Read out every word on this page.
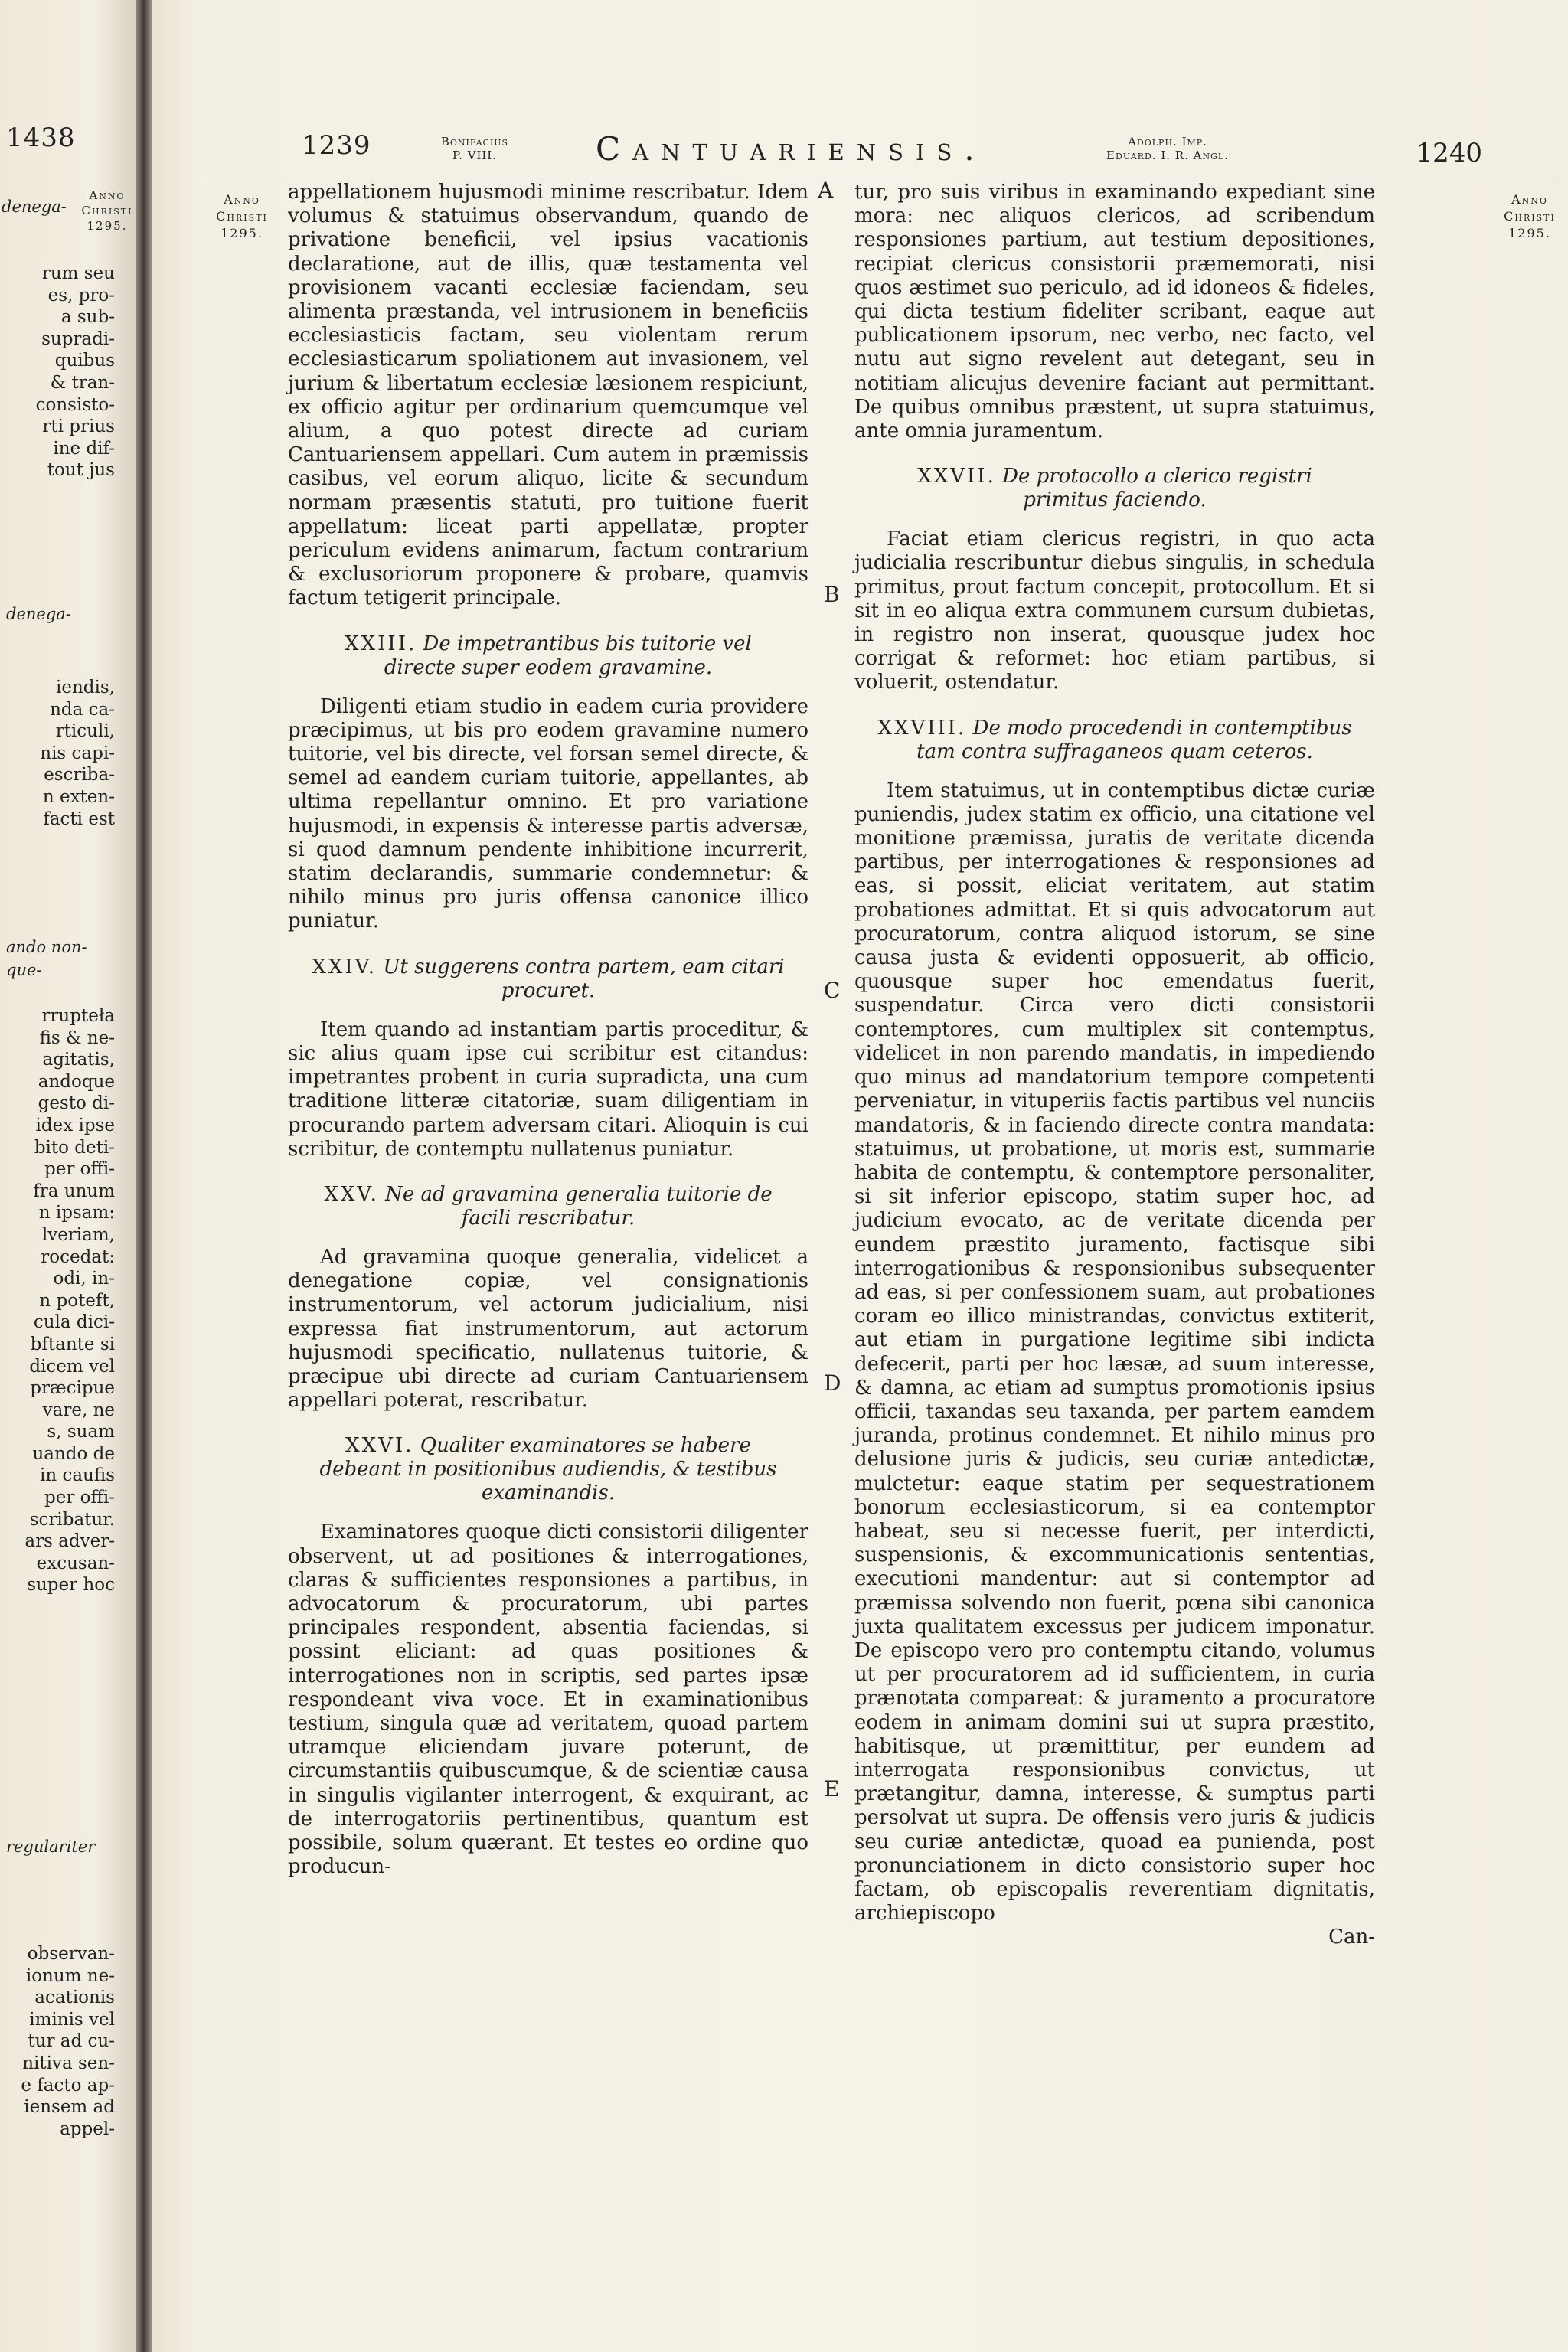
1438
Anno
Christi
1295.
denega-
rum seu
es, pro-
a sub-
supradi-
quibus
& tran-
consisto-
rti prius
ine dif-
tout jus
denega-
iendis,
nda ca-
rticuli,
nis capi-
escriba-
n exten-
facti est
ando non-
que-
rrupteła
fis & ne-
agitatis,
andoque
gesto di-
idex ipse
bito deti-
per offi-
fra unum
n ipsam:
lveriam,
rocedat:
odi, in-
n poteft,
cula dici-
bftante si
dicem vel
præcipue
vare, ne
s, suam
uando de
in caufis
per offi-
scribatur.
ars adver-
excusan-
super hoc
regulariter
observan-
ionum ne-
acationis
iminis vel
tur ad cu-
nitiva sen-
e facto ap-
iensem ad
appel-
1239	Bonifacius
P. VIII.	Cantuariensis.	Adolph. Imp.
Eduard. I. R. Angl.	1240
Anno
Christi
1295.
Anno
Christi
1295.
A
B
C
D
E

appellationem hujusmodi minime rescribatur. Idem volumus & statuimus observandum, quando de privatione beneficii, vel ipsius vacationis declaratione, aut de illis, quæ testamenta vel provisionem vacanti ecclesiæ faciendam, seu alimenta præstanda, vel intrusionem in beneficiis ecclesiasticis factam, seu violentam rerum ecclesiasticarum spoliationem aut invasionem, vel jurium & libertatum ecclesiæ læsionem respiciunt, ex officio agitur per ordinarium quemcumque vel alium, a quo potest directe ad curiam Cantuariensem appellari. Cum autem in præmissis casibus, vel eorum aliquo, licite & secundum normam præsentis statuti, pro tuitione fuerit appellatum: liceat parti appellatæ, propter periculum evidens animarum, factum contrarium & exclusoriorum proponere & probare, quamvis factum tetigerit principale.

XXIII. De impetrantibus bis tuitorie vel directe super eodem gravamine.

Diligenti etiam studio in eadem curia providere præcipimus, ut bis pro eodem gravamine numero tuitorie, vel bis directe, vel forsan semel directe, & semel ad eandem curiam tuitorie, appellantes, ab ultima repellantur omnino. Et pro variatione hujusmodi, in expensis & interesse partis adversæ, si quod damnum pendente inhibitione incurrerit, statim declarandis, summarie condemnetur: & nihilo minus pro juris offensa canonice illico puniatur.

XXIV. Ut suggerens contra partem, eam citari procuret.

Item quando ad instantiam partis proceditur, & sic alius quam ipse cui scribitur est citandus: impetrantes probent in curia supradicta, una cum traditione litteræ citatoriæ, suam diligentiam in procurando partem adversam citari. Alioquin is cui scribitur, de contemptu nullatenus puniatur.

XXV. Ne ad gravamina generalia tuitorie de facili rescribatur.

Ad gravamina quoque generalia, videlicet a denegatione copiæ, vel consignationis instrumentorum, vel actorum judicialium, nisi expressa fiat instrumentorum, aut actorum hujusmodi specificatio, nullatenus tuitorie, & præcipue ubi directe ad curiam Cantuariensem appellari poterat, rescribatur.

XXVI. Qualiter examinatores se habere debeant in positionibus audiendis, & testibus examinandis.

Examinatores quoque dicti consistorii diligenter observent, ut ad positiones & interrogationes, claras & sufficientes responsiones a partibus, in advocatorum & procuratorum, ubi partes principales respondent, absentia faciendas, si possint eliciant: ad quas positiones & interrogationes non in scriptis, sed partes ipsæ respondeant viva voce. Et in examinationibus testium, singula quæ ad veritatem, quoad partem utramque eliciendam juvare poterunt, de circumstantiis quibuscumque, & de scientiæ causa in singulis vigilanter interrogent, & exquirant, ac de interrogatoriis pertinentibus, quantum est possibile, solum quærant. Et testes eo ordine quo producun-

tur, pro suis viribus in examinando expediant sine mora: nec aliquos clericos, ad scribendum responsiones partium, aut testium depositiones, recipiat clericus consistorii præmemorati, nisi quos æstimet suo periculo, ad id idoneos & fideles, qui dicta testium fideliter scribant, eaque aut publicationem ipsorum, nec verbo, nec facto, vel nutu aut signo revelent aut detegant, seu in notitiam alicujus devenire faciant aut permittant. De quibus omnibus præstent, ut supra statuimus, ante omnia juramentum.

XXVII. De protocollo a clerico registri primitus faciendo.

Faciat etiam clericus registri, in quo acta judicialia rescribuntur diebus singulis, in schedula primitus, prout factum concepit, protocollum. Et si sit in eo aliqua extra communem cursum dubietas, in registro non inserat, quousque judex hoc corrigat & reformet: hoc etiam partibus, si voluerit, ostendatur.

XXVIII. De modo procedendi in contemptibus tam contra suffraganeos quam ceteros.

Item statuimus, ut in contemptibus dictæ curiæ puniendis, judex statim ex officio, una citatione vel monitione præmissa, juratis de veritate dicenda partibus, per interrogationes & responsiones ad eas, si possit, eliciat veritatem, aut statim probationes admittat. Et si quis advocatorum aut procuratorum, contra aliquod istorum, se sine causa justa & evidenti opposuerit, ab officio, quousque super hoc emendatus fuerit, suspendatur. Circa vero dicti consistorii contemptores, cum multiplex sit contemptus, videlicet in non parendo mandatis, in impediendo quo minus ad mandatorium tempore competenti perveniatur, in vituperiis factis partibus vel nunciis mandatoris, & in faciendo directe contra mandata: statuimus, ut probatione, ut moris est, summarie habita de contemptu, & contemptore personaliter, si sit inferior episcopo, statim super hoc, ad judicium evocato, ac de veritate dicenda per eundem præstito juramento, factisque sibi interrogationibus & responsionibus subsequenter ad eas, si per confessionem suam, aut probationes coram eo illico ministrandas, convictus extiterit, aut etiam in purgatione legitime sibi indicta defecerit, parti per hoc læsæ, ad suum interesse, & damna, ac etiam ad sumptus promotionis ipsius officii, taxandas seu taxanda, per partem eamdem juranda, protinus condemnet. Et nihilo minus pro delusione juris & judicis, seu curiæ antedictæ, mulctetur: eaque statim per sequestrationem bonorum ecclesiasticorum, si ea contemptor habeat, seu si necesse fuerit, per interdicti, suspensionis, & excommunicationis sententias, executioni mandentur: aut si contemptor ad præmissa solvendo non fuerit, pœna sibi canonica juxta qualitatem excessus per judicem imponatur. De episcopo vero pro contemptu citando, volumus ut per procuratorem ad id sufficientem, in curia prænotata compareat: & juramento a procuratore eodem in animam domini sui ut supra præstito, habitisque, ut præmittitur, per eundem ad interrogata responsionibus convictus, ut prætangitur, damna, interesse, & sumptus parti persolvat ut supra. De offensis vero juris & judicis seu curiæ antedictæ, quoad ea punienda, post pronunciationem in dicto consistorio super hoc factam, ob episcopalis reverentiam dignitatis, archiepiscopo

Can-
